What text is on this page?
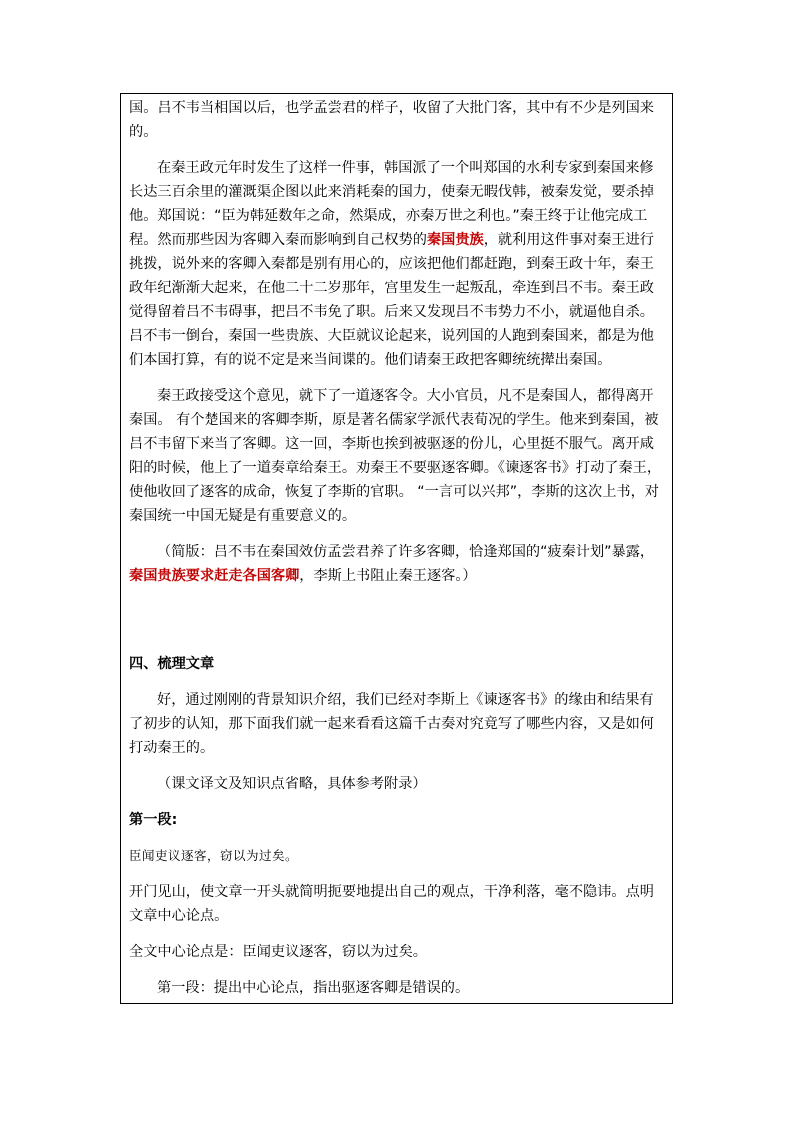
国。吕不韦当相国以后，也学孟尝君的样子，收留了大批门客，其中有不少是列国来的。

在秦王政元年时发生了这样一件事，韩国派了一个叫郑国的水利专家到秦国来修长达三百余里的灌溉渠企图以此来消耗秦的国力，使秦无暇伐韩，被秦发觉，要杀掉他。郑国说：“臣为韩延数年之命，然渠成，亦秦万世之利也。”秦王终于让他完成工程。然而那些因为客卿入秦而影响到自己权势的秦国贵族，就利用这件事对秦王进行挑拨，说外来的客卿入秦都是别有用心的，应该把他们都赶跑，到秦王政十年，秦王政年纪渐渐大起来，在他二十二岁那年，宫里发生一起叛乱，牵连到吕不韦。秦王政觉得留着吕不韦碍事，把吕不韦免了职。后来又发现吕不韦势力不小，就逼他自杀。吕不韦一倒台，秦国一些贵族、大臣就议论起来，说列国的人跑到秦国来，都是为他们本国打算，有的说不定是来当间谍的。他们请秦王政把客卿统统撵出秦国。

秦王政接受这个意见，就下了一道逐客令。大小官员，凡不是秦国人，都得离开秦国。 有个楚国来的客卿李斯，原是著名儒家学派代表荀况的学生。他来到秦国，被吕不韦留下来当了客卿。这一回，李斯也挨到被驱逐的份儿，心里挺不服气。离开咸阳的时候，他上了一道奏章给秦王。劝秦王不要驱逐客卿。《谏逐客书》打动了秦王，使他收回了逐客的成命，恢复了李斯的官职。 “一言可以兴邦”，李斯的这次上书，对秦国统一中国无疑是有重要意义的。

（简版：吕不韦在秦国效仿孟尝君养了许多客卿，恰逢郑国的“疲秦计划”暴露，秦国贵族要求赶走各国客卿，李斯上书阻止秦王逐客。）

四、梳理文章

好，通过刚刚的背景知识介绍，我们已经对李斯上《谏逐客书》的缘由和结果有了初步的认知，那下面我们就一起来看看这篇千古奏对究竟写了哪些内容，又是如何打动秦王的。

（课文译文及知识点省略，具体参考附录）

第一段:

臣闻吏议逐客，窃以为过矣。

开门见山，使文章一开头就简明扼要地提出自己的观点，干净利落，毫不隐讳。点明文章中心论点。

全文中心论点是：臣闻吏议逐客，窃以为过矣。

第一段：提出中心论点，指出驱逐客卿是错误的。
